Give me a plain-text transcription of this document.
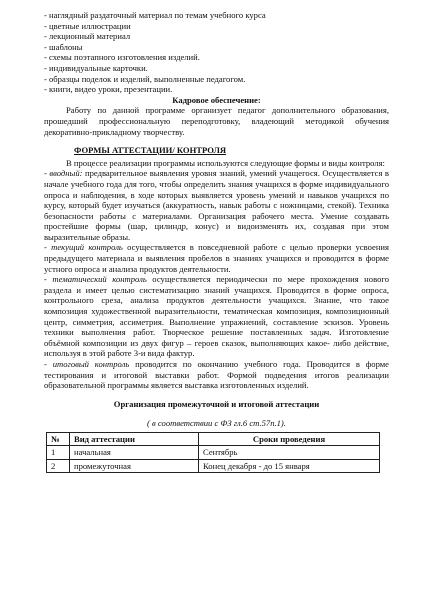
- наглядный раздаточный материал по темам учебного курса

- цветные иллюстрации

- лекционный материал

- шаблоны

- схемы поэтапного изготовления изделий.

- индивидуальные карточки.

- образцы поделок и изделий, выполненные педагогом.

- книги, видео уроки, презентации.

Кадровое обеспечение:

Работу по данной программе организует педагог дополнительного образования, прошедший профессиональную переподготовку, владеющий методикой обучения декоративно-прикладному творчеству.

ФОРМЫ АТТЕСТАЦИИ/ КОНТРОЛЯ

В процессе реализации программы используются следующие формы и виды контроля:

- вводный: предварительное выявления уровня знаний, умений учащегося. Осуществляется в начале учебного года для того, чтобы определить знания учащихся в форме индивидуального опроса и наблюдения, в ходе которых выявляется уровень умений и навыков учащихся по курсу, который будет изучаться (аккуратность, навык работы с ножницами, стекой). Техника безопасности работы с материалами. Организация рабочего места. Умение создавать простейшие формы (шар, цилиндр, конус) и видоизменять их, создавая при этом выразительные образы.

- текущий контроль осуществляется в повседневной работе с целью проверки усвоения предыдущего материала и выявления пробелов в знаниях учащихся и проводится в форме устного опроса и анализа продуктов деятельности.

- тематический контроль осуществляется периодически по мере прохождения нового раздела и имеет целью систематизацию знаний учащихся. Проводится в форме опроса, контрольного среза, анализа продуктов деятельности учащихся. Знание, что такое композиция художественной выразительности, тематическая композиция, композиционный центр, симметрия, ассиметрия. Выполнение упражнений, составление эскизов. Уровень техники выполнения работ. Творческое решение поставленных задач. Изготовление объёмной композиции из двух фигур – героев сказок, выполняющих какое- либо действие, используя в этой работе 3-и вида фактур.

- итоговый контроль проводится по окончанию учебного года. Проводится в форме тестирования и итоговой выставки работ. Формой подведения итогов реализации образовательной программы является выставка изготовленных изделий.

Организация промежуточной и итоговой аттестации

( в соответствии с ФЗ гл.6 ст.57п.1).

№	Вид аттестации	Сроки проведения
1	начальная	Сентябрь
2	промежуточная	Конец декабря - до 15 января
